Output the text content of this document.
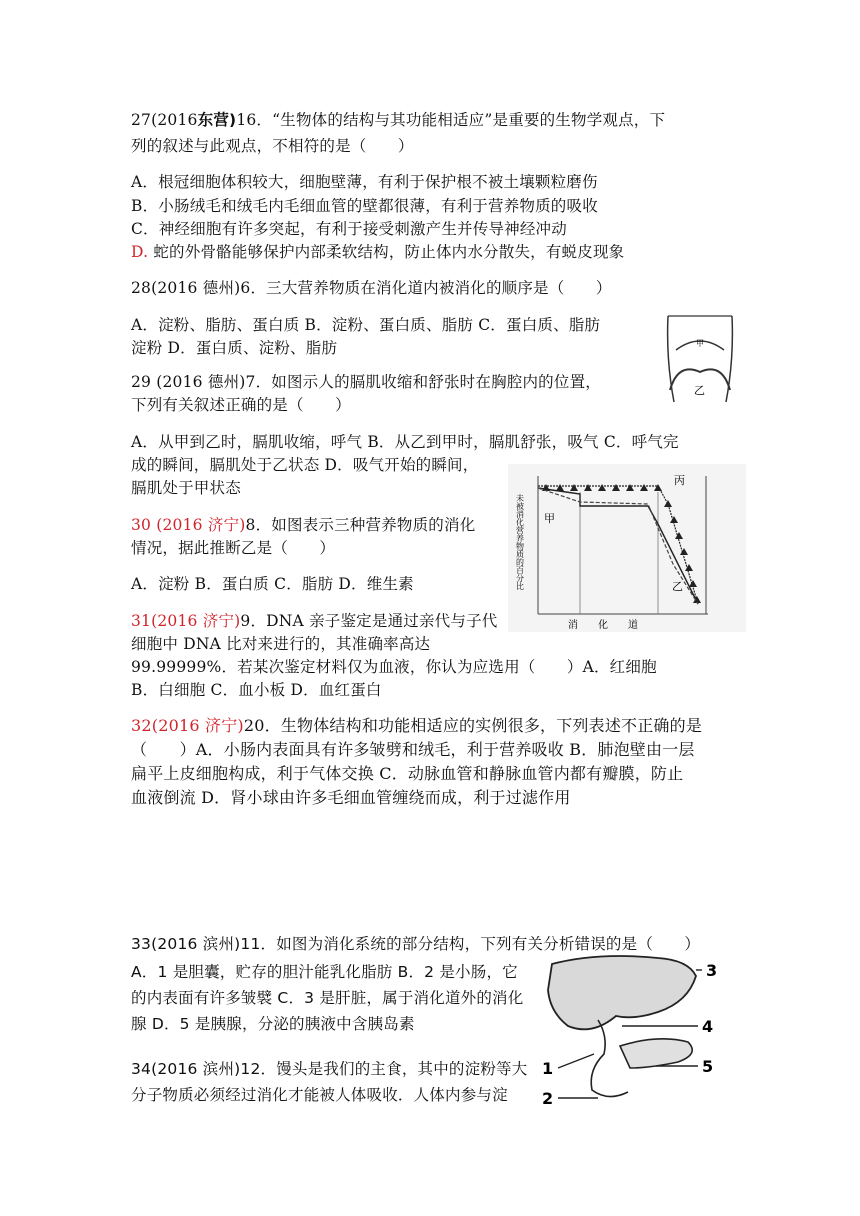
27(2016东营)16．“生物体的结构与其功能相适应”是重要的生物学观点，下
列的叙述与此观点，不相符的是（　　）
A．根冠细胞体积较大，细胞壁薄，有利于保护根不被土壤颗粒磨伤
B．小肠绒毛和绒毛内毛细血管的壁都很薄，有利于营养物质的吸收
C．神经细胞有许多突起，有利于接受刺激产生并传导神经冲动
D. 蛇的外骨骼能够保护内部柔软结构，防止体内水分散失，有蜕皮现象
28(2016 德州)6．三大营养物质在消化道内被消化的顺序是（　　）
A．淀粉、脂肪、蛋白质 B．淀粉、蛋白质、脂肪 C．蛋白质、脂肪
淀粉 D．蛋白质、淀粉、脂肪	甲
乙
29 (2016 德州)7．如图示人的膈肌收缩和舒张时在胸腔内的位置，
下列有关叙述正确的是（　　）
A．从甲到乙时，膈肌收缩，呼气 B．从乙到甲时，膈肌舒张，吸气 C．呼气完
成的瞬间，膈肌处于乙状态 D．吸气开始的瞬间，
膈肌处于甲状态
甲
乙
丙
未被消化营养物质的百分比
消　　化　　道
30 (2016 济宁)8．如图表示三种营养物质的消化
情况，据此推断乙是（　　）
A．淀粉 B．蛋白质 C．脂肪 D．维生素
31(2016 济宁)9．DNA 亲子鉴定是通过亲代与子代
细胞中 DNA 比对来进行的，其准确率高达
99.99999%．若某次鉴定材料仅为血液，你认为应选用（　　）A．红细胞
B．白细胞 C．血小板 D．血红蛋白
32(2016 济宁)20．生物体结构和功能相适应的实例很多，下列表述不正确的是
（　　）A．小肠内表面具有许多皱劈和绒毛，利于营养吸收 B．肺泡壁由一层
扁平上皮细胞构成，利于气体交换 C．动脉血管和静脉血管内都有瓣膜，防止
血液倒流 D．肾小球由许多毛细血管缠绕而成，利于过滤作用
33(2016 滨州)11．如图为消化系统的部分结构，下列有关分析错误的是（　　）
A．1 是胆囊，贮存的胆汁能乳化脂肪 B．2 是小肠，它
的内表面有许多皱襞 C．3 是肝脏，属于消化道外的消化
腺 D．5 是胰腺，分泌的胰液中含胰岛素
3
4
5
1
2
34(2016 滨州)12．馒头是我们的主食，其中的淀粉等大
分子物质必须经过消化才能被人体吸收．人体内参与淀
